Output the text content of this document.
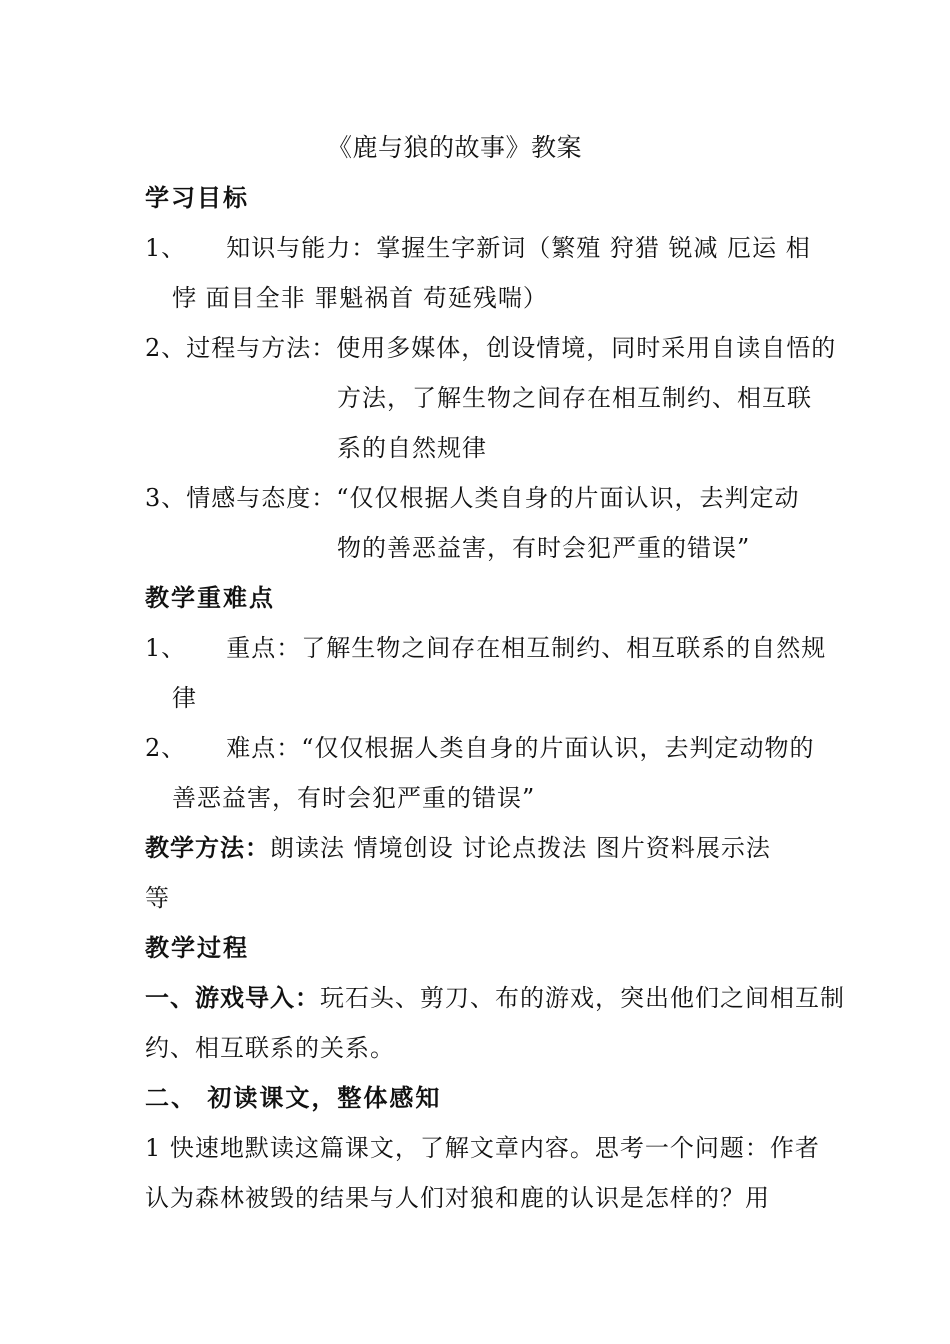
《鹿与狼的故事》教案

学习目标

1、 知识与能力：掌握生字新词（繁殖 狩猎 锐减 厄运 相

悖 面目全非 罪魁祸首 苟延残喘）

2、过程与方法：使用多媒体，创设情境，同时采用自读自悟的

方法，了解生物之间存在相互制约、相互联

系的自然规律

3、情感与态度：“仅仅根据人类自身的片面认识，去判定动

物的善恶益害，有时会犯严重的错误”

教学重难点

1、 重点：了解生物之间存在相互制约、相互联系的自然规

律

2、 难点：“仅仅根据人类自身的片面认识，去判定动物的

善恶益害，有时会犯严重的错误”

教学方法：朗读法 情境创设 讨论点拨法 图片资料展示法

等

教学过程

一、游戏导入：玩石头、剪刀、布的游戏，突出他们之间相互制

约、相互联系的关系。

二、 初读课文，整体感知

1 快速地默读这篇课文，了解文章内容。思考一个问题：作者

认为森林被毁的结果与人们对狼和鹿的认识是怎样的？用
